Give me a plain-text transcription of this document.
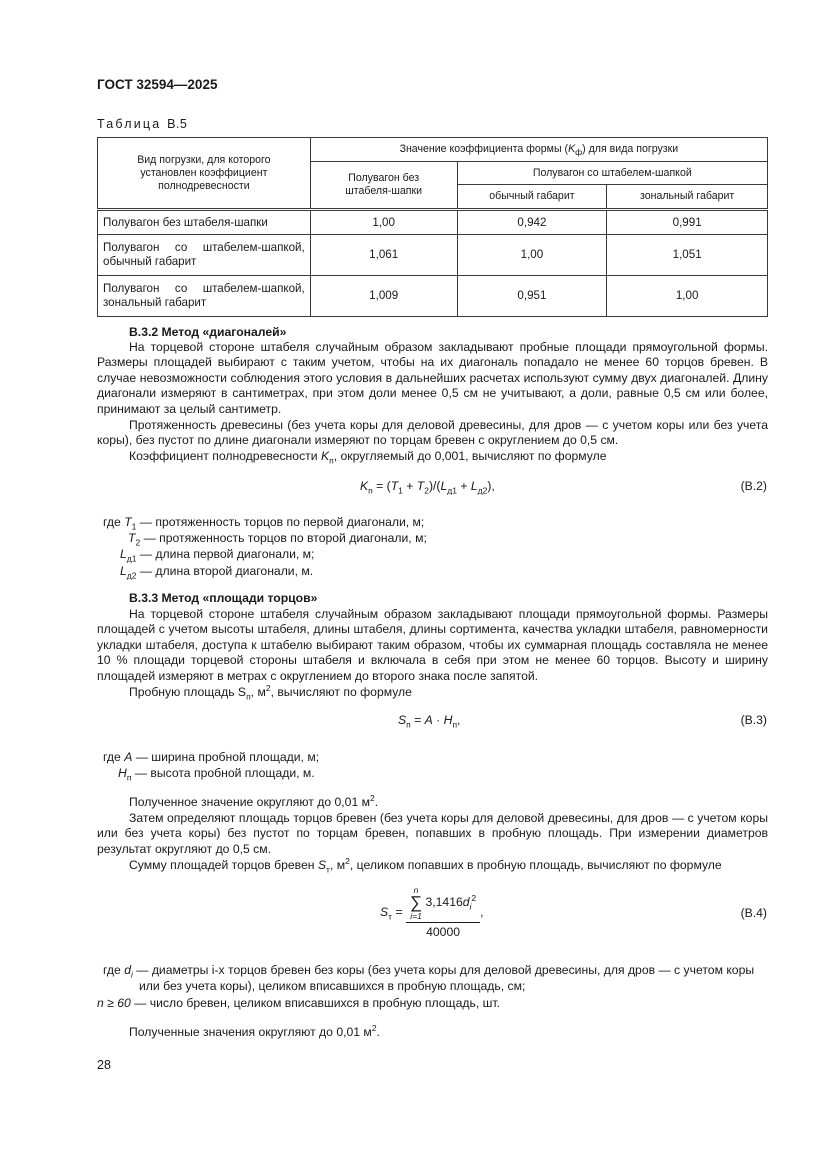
ГОСТ 32594—2025
Таблица В.5
Вид погрузки, для которого установлен коэффициент полнодревесности	Значение коэффициента формы $(K_ф)$ для вида погрузки		
	Полувагон без штабеля-шапки	Полувагон со штабелем-шапкой	
		обычный габарит	зональный габарит
Полувагон без штабеля-шапки	1,00	0,942	0,991
Полувагон со штабелем-шапкой, обычный габарит	1,061	1,00	1,051
Полувагон со штабелем-шапкой, зональный габарит	1,009	0,951	1,00
В.3.2 Метод «диагоналей»
На торцевой стороне штабеля случайным образом закладывают пробные площади прямоугольной формы. Размеры площадей выбирают с таким учетом, чтобы на их диагональ попадало не менее 60 торцов бревен. В случае невозможности соблюдения этого условия в дальнейших расчетах используют сумму двух диагоналей. Длину диагонали измеряют в сантиметрах, при этом доли менее 0,5 см не учитывают, а доли, равные 0,5 см или более, принимают за целый сантиметр.
Протяженность древесины (без учета коры для деловой древесины, для дров — с учетом коры или без учета коры), без пустот по длине диагонали измеряют по торцам бревен с округлением до 0,5 см.
Коэффициент полнодревесности $K_п$, округляемый до 0,001, вычисляют по формуле
$K_п = (T_1 + T_2)/(L_{д1} + L_{д2})$,	(В.2)
где $T_1$ — протяженность торцов по первой диагонали, м;
$T_2$ — протяженность торцов по второй диагонали, м;
$L_{д1}$ — длина первой диагонали, м;
$L_{д2}$ — длина второй диагонали, м.
В.3.3 Метод «площади торцов»
На торцевой стороне штабеля случайным образом закладывают площади прямоугольной формы. Размеры площадей с учетом высоты штабеля, длины штабеля, длины сортимента, качества укладки штабеля, равномерности укладки штабеля, доступа к штабелю выбирают таким образом, чтобы их суммарная площадь составляла не менее 10 % площади торцевой стороны штабеля и включала в себя при этом не менее 60 торцов. Высоту и ширину площадей измеряют в метрах с округлением до второго знака после запятой.
Пробную площадь $S_п$, $м^2$, вычисляют по формуле
$S_п = A \cdot H_п$,	(В.3)
где A — ширина пробной площади, м;
$H_п$ — высота пробной площади, м.
Полученное значение округляют до 0,01 $м^2$.
Затем определяют площадь торцов бревен (без учета коры для деловой древесины, для дров — с учетом коры или без учета коры) без пустот по торцам бревен, попавших в пробную площадь. При измерении диаметров результат округляют до 0,5 см.
Сумму площадей торцов бревен $S_т$, $м^2$, целиком попавших в пробную площадь, вычисляют по формуле
$S_т = n$
∑
i=1
$3,1416d_i^2$
40000 ,	(В.4)
где $d_i$ — диаметры i-х торцов бревен без коры (без учета коры для деловой древесины, для дров — с учетом коры
или без учета коры), целиком вписавшихся в пробную площадь, см;
n ≥ 60 — число бревен, целиком вписавшихся в пробную площадь, шт.
Полученные значения округляют до 0,01 $м^2$.
28
